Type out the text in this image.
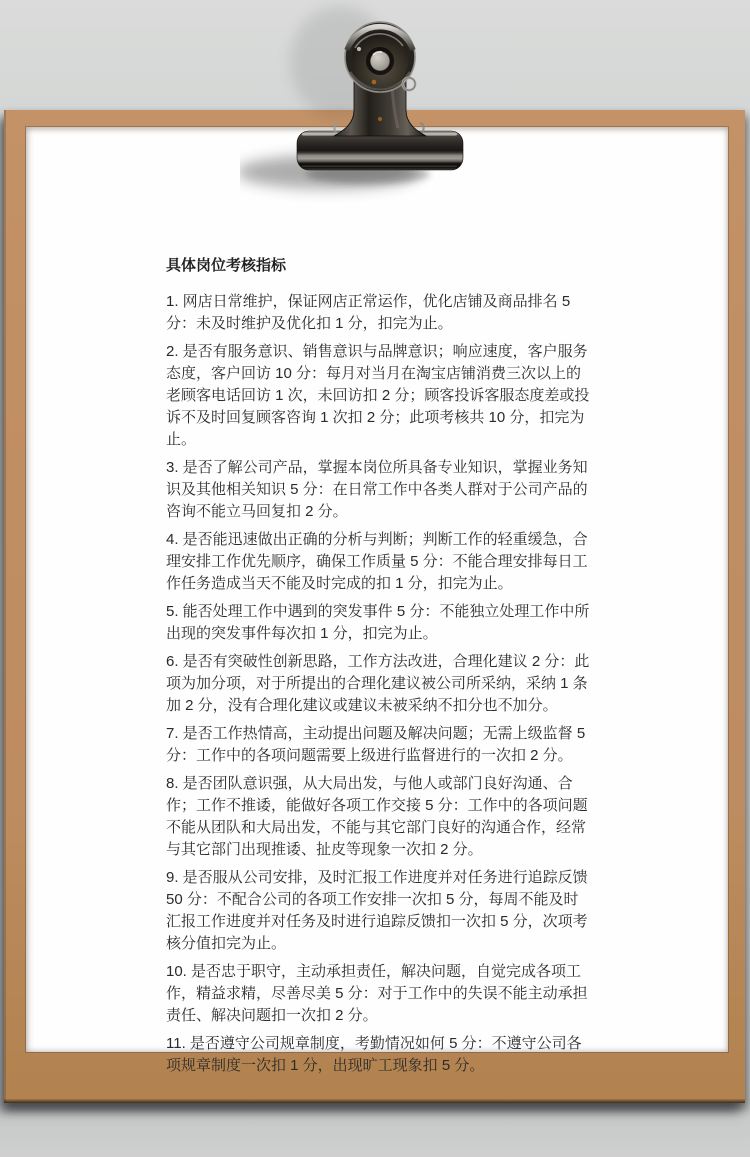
具体岗位考核指标

1. 网店日常维护，保证网店正常运作，优化店铺及商品排名 5 分：未及时维护及优化扣 1 分，扣完为止。

2. 是否有服务意识、销售意识与品牌意识；响应速度，客户服务态度，客户回访 10 分：每月对当月在淘宝店铺消费三次以上的老顾客电话回访 1 次，未回访扣 2 分；顾客投诉客服态度差或投诉不及时回复顾客咨询 1 次扣 2 分；此项考核共 10 分，扣完为止。

3. 是否了解公司产品，掌握本岗位所具备专业知识，掌握业务知识及其他相关知识 5 分：在日常工作中各类人群对于公司产品的咨询不能立马回复扣 2 分。

4. 是否能迅速做出正确的分析与判断；判断工作的轻重缓急，合理安排工作优先顺序，确保工作质量 5 分：不能合理安排每日工作任务造成当天不能及时完成的扣 1 分，扣完为止。

5. 能否处理工作中遇到的突发事件 5 分：不能独立处理工作中所出现的突发事件每次扣 1 分，扣完为止。

6. 是否有突破性创新思路，工作方法改进，合理化建议 2 分：此项为加分项，对于所提出的合理化建议被公司所采纳，采纳 1 条加 2 分，没有合理化建议或建议未被采纳不扣分也不加分。

7. 是否工作热情高，主动提出问题及解决问题；无需上级监督 5 分：工作中的各项问题需要上级进行监督进行的一次扣 2 分。

8. 是否团队意识强，从大局出发，与他人或部门良好沟通、合作；工作不推诿，能做好各项工作交接 5 分：工作中的各项问题不能从团队和大局出发，不能与其它部门良好的沟通合作，经常与其它部门出现推诿、扯皮等现象一次扣 2 分。

9. 是否服从公司安排，及时汇报工作进度并对任务进行追踪反馈 50 分：不配合公司的各项工作安排一次扣 5 分，每周不能及时汇报工作进度并对任务及时进行追踪反馈扣一次扣 5 分，次项考核分值扣完为止。

10. 是否忠于职守，主动承担责任，解决问题，自觉完成各项工作，精益求精，尽善尽美 5 分：对于工作中的失误不能主动承担责任、解决问题扣一次扣 2 分。

11. 是否遵守公司规章制度，考勤情况如何 5 分：不遵守公司各项规章制度一次扣 1 分，出现旷工现象扣 5 分。
